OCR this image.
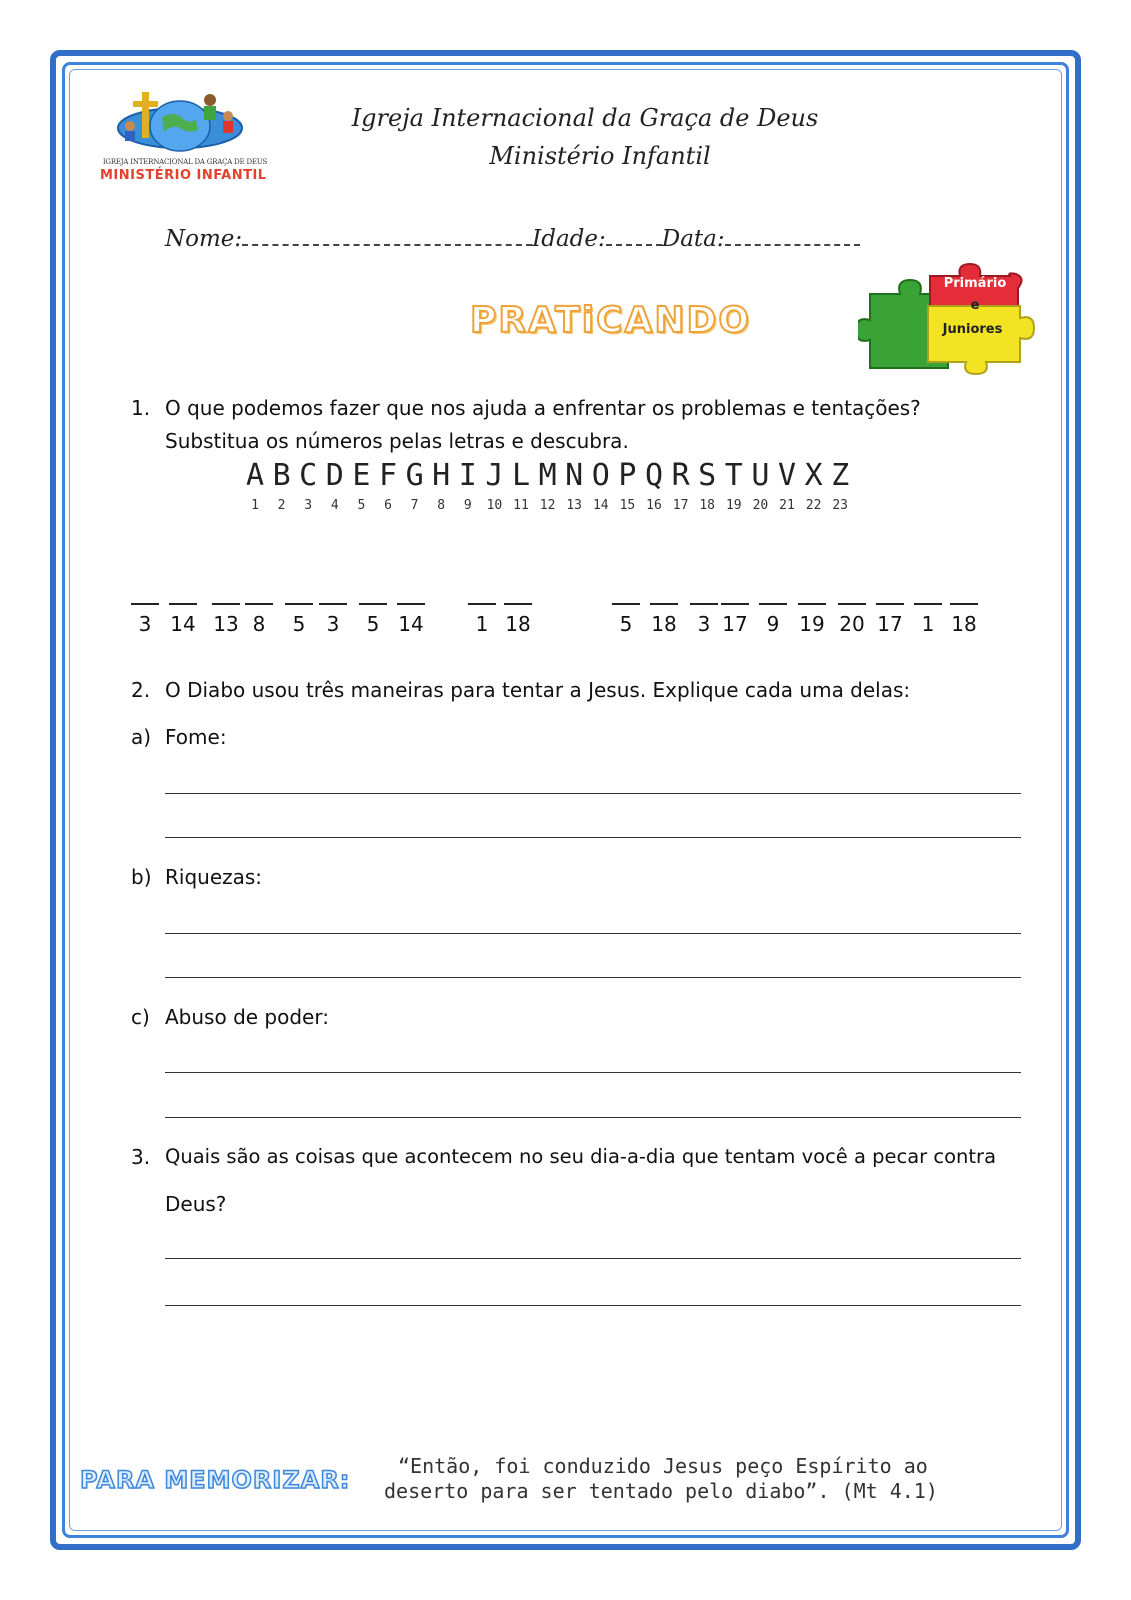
IGREJA INTERNACIONAL DA GRAÇA DE DEUS
MINISTÉRIO INFANTIL
Igreja Internacional da Graça de Deus
Ministério Infantil
Nome:	Idade: Data:
PRATiCANDO
Primário
e
Juniores
1. O que podemos fazer que nos ajuda a enfrentar os problemas e tentações?
Substitua os números pelas letras e descubra.
A
1
B
2
C
3
D
4
E
5
F
6
G
7
H
8
I
9
J
10
L
11
M
12
N
13
O
14
P
15
Q
16
R
17
S
18
T
19
U
20
V
21
X
22
Z
23
3 14 13 8	5	3	5 14	1 18	5 18	3 17 9 19 20 17 1 18
2. O Diabo usou três maneiras para tentar a Jesus. Explique cada uma delas:
a) Fome:
b) Riquezas:
c) Abuso de poder:
3. Quais são as coisas que acontecem no seu dia-a-dia que tentam você a pecar contra
Deus?
PARA MEMORIZAR: “Então, foi conduzido Jesus peço Espírito ao
deserto para ser tentado pelo diabo”. (Mt 4.1)
